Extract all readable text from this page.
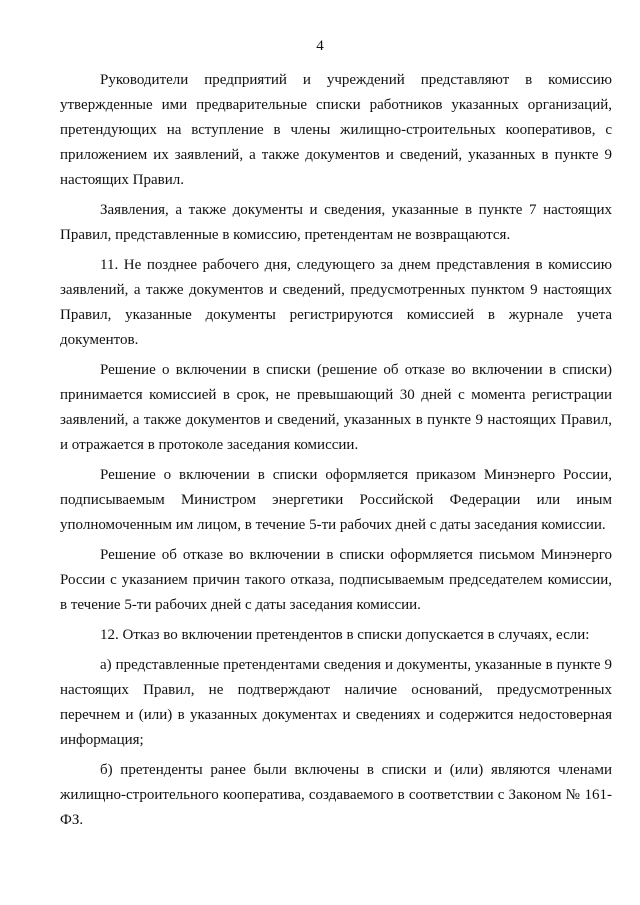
4

Руководители предприятий и учреждений представляют в комиссию утвержденные ими предварительные списки работников указанных организаций, претендующих на вступление в члены жилищно-строительных кооперативов, с приложением их заявлений, а также документов и сведений, указанных в пункте 9 настоящих Правил.

Заявления, а также документы и сведения, указанные в пункте 7 настоящих Правил, представленные в комиссию, претендентам не возвращаются.

11. Не позднее рабочего дня, следующего за днем представления в комиссию заявлений, а также документов и сведений, предусмотренных пунктом 9 настоящих Правил, указанные документы регистрируются комиссией в журнале учета документов.

Решение о включении в списки (решение об отказе во включении в списки) принимается комиссией в срок, не превышающий 30 дней с момента регистрации заявлений, а также документов и сведений, указанных в пункте 9 настоящих Правил, и отражается в протоколе заседания комиссии.

Решение о включении в списки оформляется приказом Минэнерго России, подписываемым Министром энергетики Российской Федерации или иным уполномоченным им лицом, в течение 5-ти рабочих дней с даты заседания комиссии.

Решение об отказе во включении в списки оформляется письмом Минэнерго России с указанием причин такого отказа, подписываемым председателем комиссии, в течение 5-ти рабочих дней с даты заседания комиссии.

12. Отказ во включении претендентов в списки допускается в случаях, если:

а) представленные претендентами сведения и документы, указанные в пункте 9 настоящих Правил, не подтверждают наличие оснований, предусмотренных перечнем и (или) в указанных документах и сведениях и содержится недостоверная информация;

б) претенденты ранее были включены в списки и (или) являются членами жилищно-строительного кооператива, создаваемого в соответствии с Законом № 161-ФЗ.
